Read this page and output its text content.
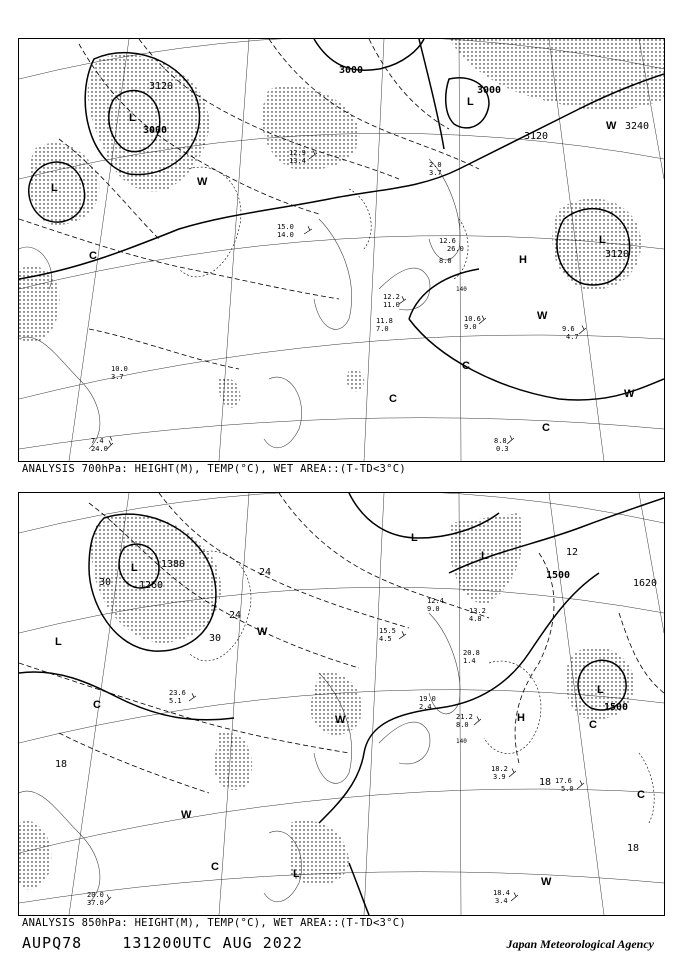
3120
3000
3000
3000
3240
3120
3120
L
L
L
L
H
W
W
W
W
C
C
C
C
140
12.9
13.4
15.0
14.0
10.6
9.0	9.6
4.7
8.8
0.3
10.0
3.7
12.2
11.0
11.8
7.0
26.0
12.6
8.0
7.4
24.0
2.0
3.7
ANALYSIS 700hPa: HEIGHT(M), TEMP(°C), WET AREA::(T-TD<3°C)
1260
1380
1500
1620
1500
30
24
30
24
18
12
18
18
L
L
L
L
L
L
H
W
W
W
W
C
C
C
C
140
18.2
3.9	17.6
5.0
18.4
3.4
21.2
8.0
19.0
2.4
20.8
1.4
12.4
9.0
20.0
37.0
15.5
4.5
23.6
5.1
13.2
4.8
ANALYSIS 850hPa: HEIGHT(M), TEMP(°C), WET AREA::(T-TD<3°C)
AUPQ78	131200UTC AUG 2022	Japan Meteorological Agency
